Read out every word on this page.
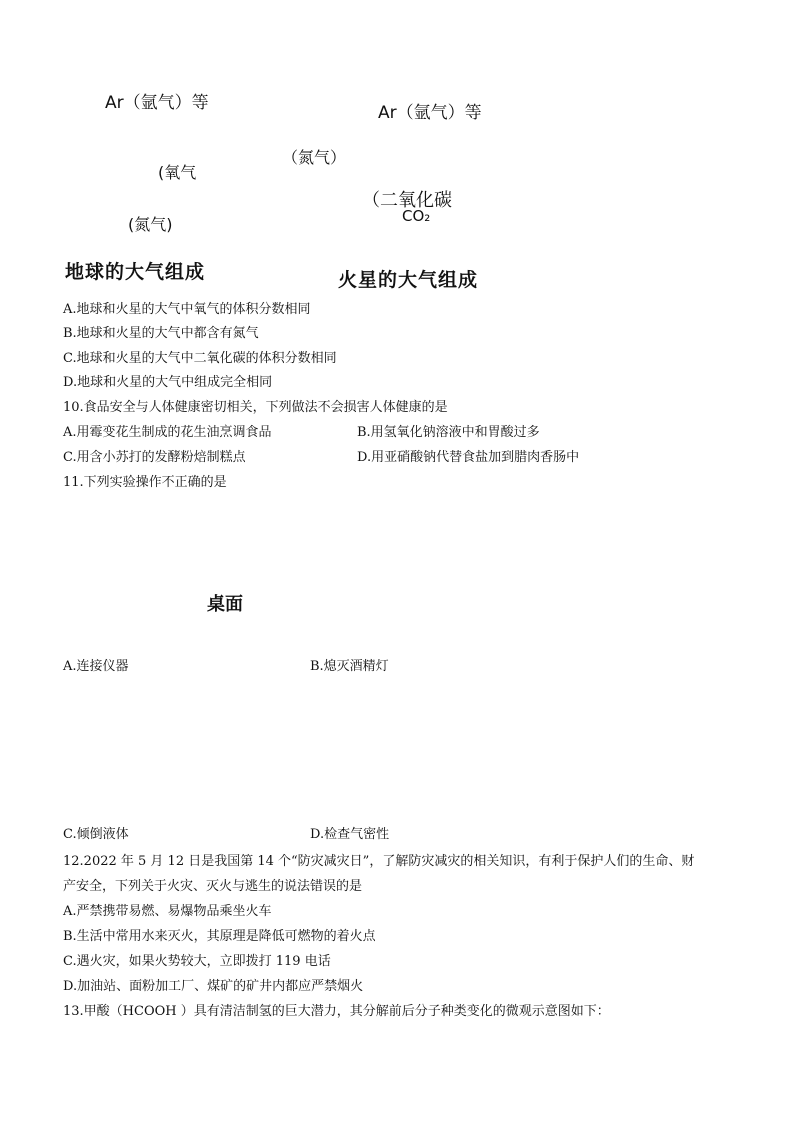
Ar（氩气）等
(氧气
(氮气)
地球的大气组成
Ar（氩气）等
（氮气）
（二氧化碳
CO₂
火星的大气组成
A.地球和火星的大气中氧气的体积分数相同
B.地球和火星的大气中都含有氮气
C.地球和火星的大气中二氧化碳的体积分数相同
D.地球和火星的大气中组成完全相同
10.食品安全与人体健康密切相关，下列做法不会损害人体健康的是
A.用霉变花生制成的花生油烹调食品	B.用氢氧化钠溶液中和胃酸过多
C.用含小苏打的发酵粉焙制糕点	D.用亚硝酸钠代替食盐加到腊肉香肠中
11.下列实验操作不正确的是
桌面
A.连接仪器	B.熄灭酒精灯
C.倾倒液体	D.检查气密性
12.2022 年 5 月 12 日是我国第 14 个“防灾减灾日”，了解防灾减灾的相关知识，有利于保护人们的生命、财
产安全，下列关于火灾、灭火与逃生的说法错误的是
A.严禁携带易燃、易爆物品乘坐火车
B.生活中常用水来灭火，其原理是降低可燃物的着火点
C.遇火灾，如果火势较大，立即拨打 119 电话
D.加油站、面粉加工厂、煤矿的矿井内都应严禁烟火
13.甲酸（HCOOH ）具有清洁制氢的巨大潜力，其分解前后分子种类变化的微观示意图如下：
